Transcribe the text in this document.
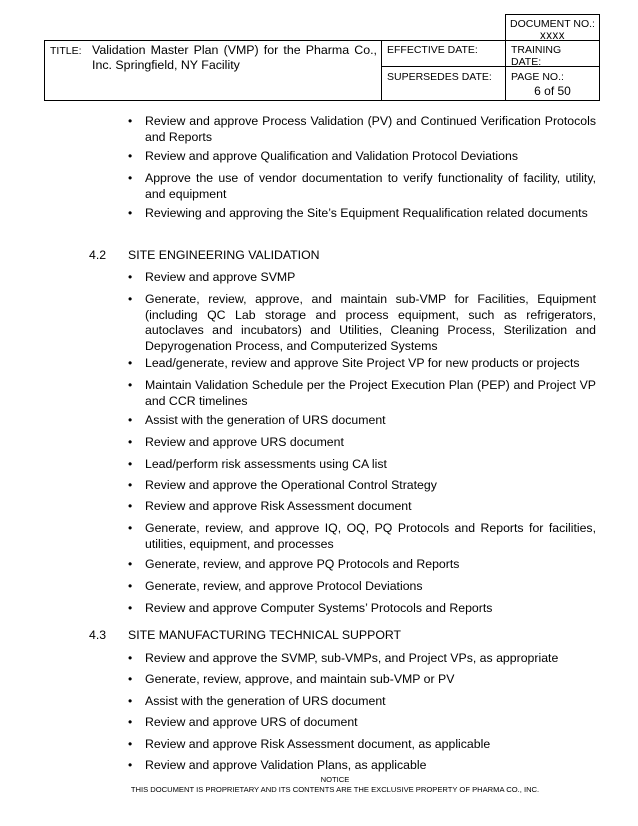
DOCUMENT NO.:
xxxx
TITLE: Validation Master Plan (VMP) for the Pharma Co., Inc. Springfield, NY Facility
EFFECTIVE DATE:	TRAINING DATE:
SUPERSEDES DATE:	PAGE NO.:
6 of 50
• Review and approve Process Validation (PV) and Continued Verification Protocols and Reports
• Review and approve Qualification and Validation Protocol Deviations
• Approve the use of vendor documentation to verify functionality of facility, utility, and equipment
• Reviewing and approving the Site’s Equipment Requalification related documents
4.2 SITE ENGINEERING VALIDATION
• Review and approve SVMP
• Generate, review, approve, and maintain sub-VMP for Facilities, Equipment (including QC Lab storage and process equipment, such as refrigerators, autoclaves and incubators) and Utilities, Cleaning Process, Sterilization and Depyrogenation Process, and Computerized Systems
• Lead/generate, review and approve Site Project VP for new products or projects
• Maintain Validation Schedule per the Project Execution Plan (PEP) and Project VP and CCR timelines
• Assist with the generation of URS document
• Review and approve URS document
• Lead/perform risk assessments using CA list
• Review and approve the Operational Control Strategy
• Review and approve Risk Assessment document
• Generate, review, and approve IQ, OQ, PQ Protocols and Reports for facilities, utilities, equipment, and processes
• Generate, review, and approve PQ Protocols and Reports
• Generate, review, and approve Protocol Deviations
• Review and approve Computer Systems’ Protocols and Reports
4.3 SITE MANUFACTURING TECHNICAL SUPPORT
• Review and approve the SVMP, sub-VMPs, and Project VPs, as appropriate
• Generate, review, approve, and maintain sub-VMP or PV
• Assist with the generation of URS document
• Review and approve URS of document
• Review and approve Risk Assessment document, as applicable
• Review and approve Validation Plans, as applicable
NOTICE
THIS DOCUMENT IS PROPRIETARY AND ITS CONTENTS ARE THE EXCLUSIVE PROPERTY OF PHARMA CO., INC.
